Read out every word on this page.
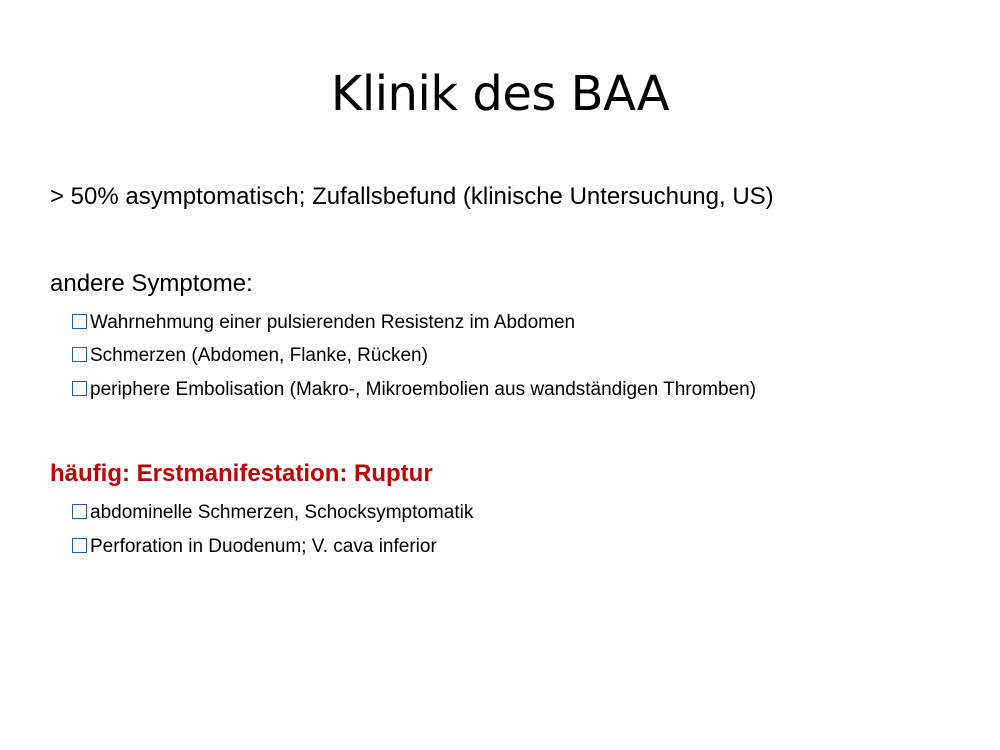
Klinik des BAA
> 50% asymptomatisch; Zufallsbefund (klinische Untersuchung, US)
andere Symptome:
Wahrnehmung einer pulsierenden Resistenz im Abdomen
Schmerzen (Abdomen, Flanke, Rücken)
periphere Embolisation (Makro-, Mikroembolien aus wandständigen Thromben)
häufig: Erstmanifestation: Ruptur
abdominelle Schmerzen, Schocksymptomatik
Perforation in Duodenum; V. cava inferior
